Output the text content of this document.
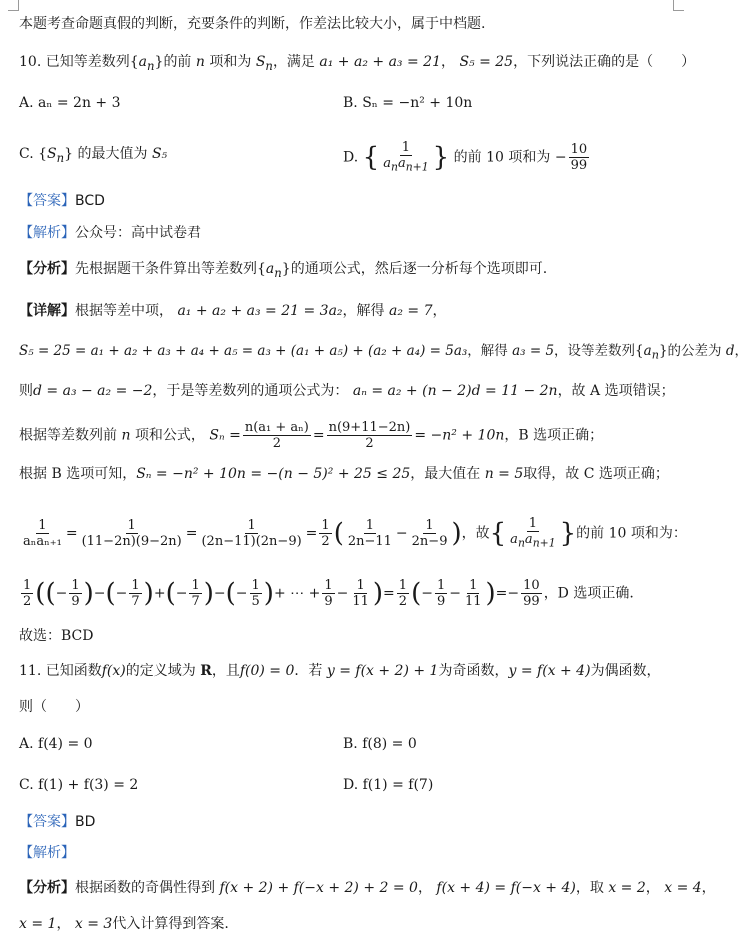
本题考查命题真假的判断，充要条件的判断，作差法比较大小，属于中档题.
10. 已知等差数列$\{a_n\}$的前 n 项和为 $S_n$，满足 a₁ + a₂ + a₃ = 21， S₅ = 25，下列说法正确的是（　　）
A. aₙ = 2n + 3	B. Sₙ = −n² + 10n
C. $\{S_n\}$ 的最大值为 S₅	D. { $\frac{1}{a_na_{n+1}}$ } 的前 10 项和为 − $\frac{10}{99}$
【答案】BCD
【解析】公众号：高中试卷君
【分析】先根据题干条件算出等差数列$\{a_n\}$的通项公式，然后逐一分析每个选项即可.
【详解】根据等差中项， a₁ + a₂ + a₃ = 21 = 3a₂，解得 a₂ = 7，
S₅ = 25 = a₁ + a₂ + a₃ + a₄ + a₅ = a₃ + (a₁ + a₅) + (a₂ + a₄) = 5a₃，解得 a₃ = 5，设等差数列$\{a_n\}$的公差为 d，
则d = a₃ − a₂ = −2，于是等差数列的通项公式为： aₙ = a₂ + (n − 2)d = 11 − 2n，故 A 选项错误；
根据等差数列前 n 项和公式， $S_n = \frac{\text{n(a₁ + aₙ)}}{2} = \frac{n(9+11-2n)}{2} = -n^2 + 10n$，B 选项正确；
根据 B 选项可知，Sₙ = −n² + 10n = −(n − 5)² + 25 ≤ 25，最大值在 n = 5取得，故 C 选项正确；
$\frac{1}{\text{aₙaₙ₊₁}} = \frac{1}{(11-2n)(9-2n)} = \frac{1}{(2n-11)(2n-9)} = \frac{1}{2}$ ( $\frac{1}{2n-11} - \frac{1}{2n-9}$ )，故{ $\frac{1}{a_na_{n+1}}$ }的前 10 项和为：
$\frac{1}{2}$ ((− $\frac{1}{9}$ )−(− $\frac{1}{7}$ )+(− $\frac{1}{7}$ )−(− $\frac{1}{5}$ )+ ⋯ + $\frac{1}{9} - \frac{1}{11}$ )= $\frac{1}{2}$ (− $\frac{1}{9} - \frac{1}{11}$ )=− $\frac{10}{99}$ ，D 选项正确.
故选：BCD
11. 已知函数f(x)的定义域为 R，且f(0) = 0．若 y = f(x + 2) + 1为奇函数，y = f(x + 4)为偶函数，
则（　　）
A. f(4) = 0	B. f(8) = 0
C. f(1) + f(3) = 2	D. f(1) = f(7)
【答案】BD
【解析】
【分析】根据函数的奇偶性得到 f(x + 2) + f(−x + 2) + 2 = 0， f(x + 4) = f(−x + 4)，取 x = 2， x = 4，
x = 1， x = 3代入计算得到答案.
